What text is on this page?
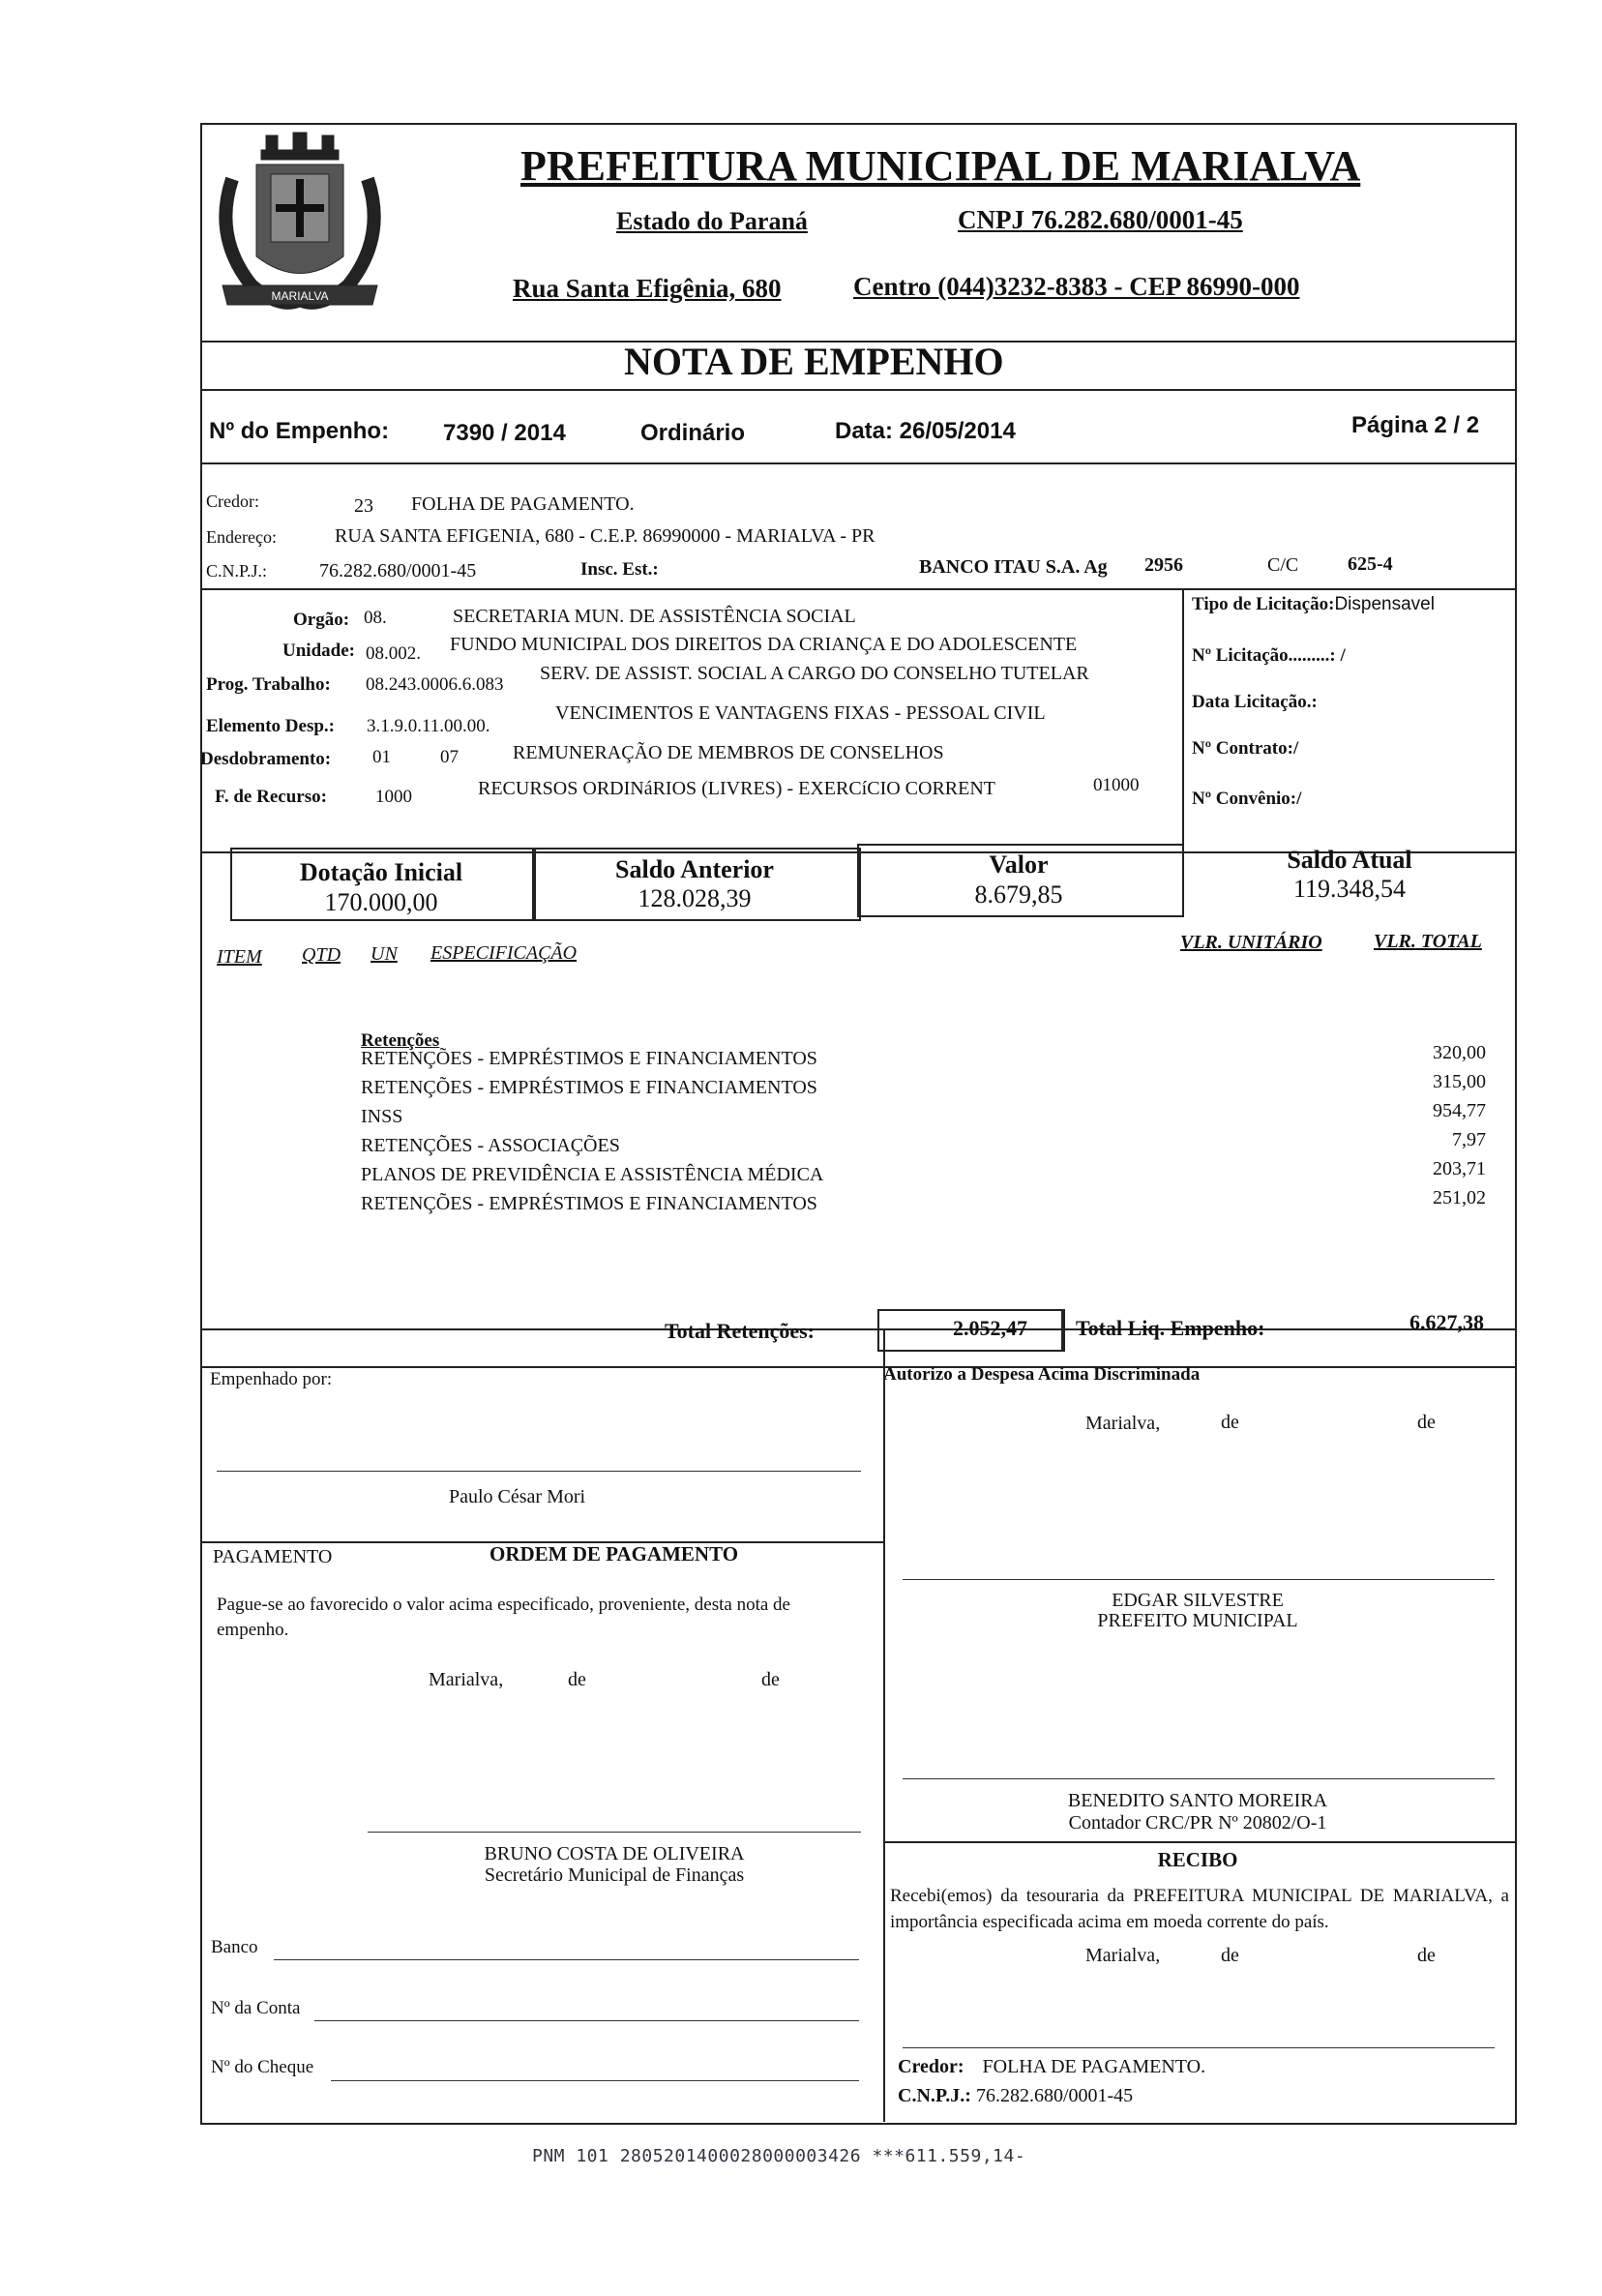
MARIALVA
PREFEITURA MUNICIPAL DE MARIALVA
Estado do Paraná	CNPJ 76.282.680/0001-45
Rua Santa Efigênia, 680	Centro (044)3232-8383 - CEP 86990-000
NOTA DE EMPENHO
Nº do Empenho: 7390 / 2014	Ordinário	Data: 26/05/2014	Página 2 / 2
Credor:	23 FOLHA DE PAGAMENTO.
Endereço:	RUA SANTA EFIGENIA, 680 - C.E.P. 86990000 - MARIALVA - PR
C.N.P.J.:	76.282.680/0001-45	Insc. Est.:	BANCO ITAU S.A. Ag 2956	C/C	625-4
Orgão: 08.	SECRETARIA MUN. DE ASSISTÊNCIA SOCIAL
Unidade: 08.002. FUNDO MUNICIPAL DOS DIREITOS DA CRIANÇA E DO ADOLESCENTE
Prog. Trabalho: 08.243.0006.6.083
SERV. DE ASSIST. SOCIAL A CARGO DO CONSELHO TUTELAR
Elemento Desp.: 3.1.9.0.11.00.00.
VENCIMENTOS E VANTAGENS FIXAS - PESSOAL CIVIL
Desdobramento: 01	07	REMUNERAÇÃO DE MEMBROS DE CONSELHOS
F. de Recurso:	1000	RECURSOS ORDINáRIOS (LIVRES) - EXERCíCIO CORRENT	01000
Tipo de Licitação:Dispensavel
Nº Licitação.........: /
Data Licitação.:
Nº Contrato:/
Nº Convênio:/
Dotação Inicial
170.000,00
Saldo Anterior
128.028,39
Valor
8.679,85
Saldo Atual
119.348,54
ITEM QTD UN ESPECIFICAÇÃO	VLR. UNITÁRIO	VLR. TOTAL
Retenções
RETENÇÕES - EMPRÉSTIMOS E FINANCIAMENTOS	320,00
RETENÇÕES - EMPRÉSTIMOS E FINANCIAMENTOS	315,00
INSS	954,77
RETENÇÕES - ASSOCIAÇÕES	7,97
PLANOS DE PREVIDÊNCIA E ASSISTÊNCIA MÉDICA	203,71
RETENÇÕES - EMPRÉSTIMOS E FINANCIAMENTOS	251,02
Total Retenções:	2.052,47 Total Liq. Empenho:	6.627,38
Empenhado por:	Autorizo a Despesa Acima Discriminada
Marialva,	de	de
Paulo César Mori
PAGAMENTO	ORDEM DE PAGAMENTO
Pague-se ao favorecido o valor acima especificado, proveniente, desta nota de empenho.
Marialva,	de	de
EDGAR SILVESTRE
PREFEITO MUNICIPAL
BENEDITO SANTO MOREIRA
Contador CRC/PR Nº 20802/O-1
BRUNO COSTA DE OLIVEIRA
Secretário Municipal de Finanças
RECIBO
Recebi(emos) da tesouraria da PREFEITURA MUNICIPAL DE MARIALVA, a importância especificada acima em moeda corrente do país.
Marialva,	de	de
Banco
Nº da Conta
Nº do Cheque	Credor: FOLHA DE PAGAMENTO.
C.N.P.J.: 76.282.680/0001-45
PNM 101 2805201400028000003426 ***611.559,14-
